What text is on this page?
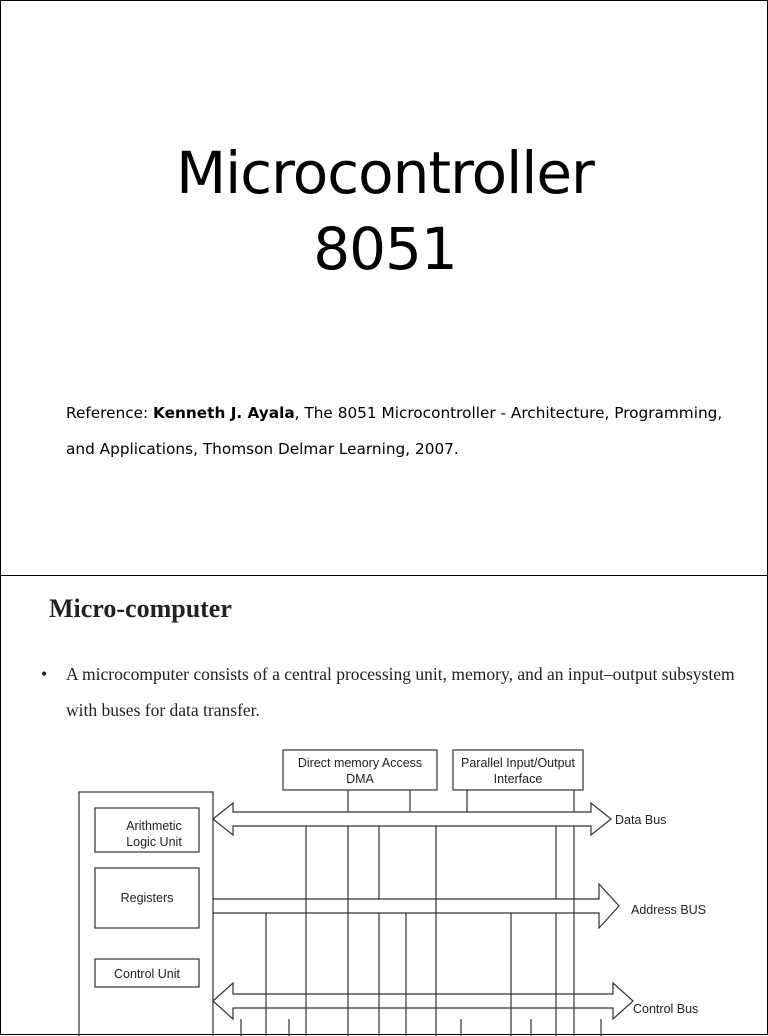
Microcontroller
8051
Reference: Kenneth J. Ayala, The 8051 Microcontroller - Architecture, Programming,
and Applications, Thomson Delmar Learning, 2007.
Micro-computer
• A microcomputer consists of a central processing unit, memory, and an input–output subsystem with buses for data transfer.
Direct memory Access
DMA
Parallel Input/Output
Interface
Arithmetic
Logic Unit
Registers
Control Unit
Data Bus
Address BUS
Control Bus
